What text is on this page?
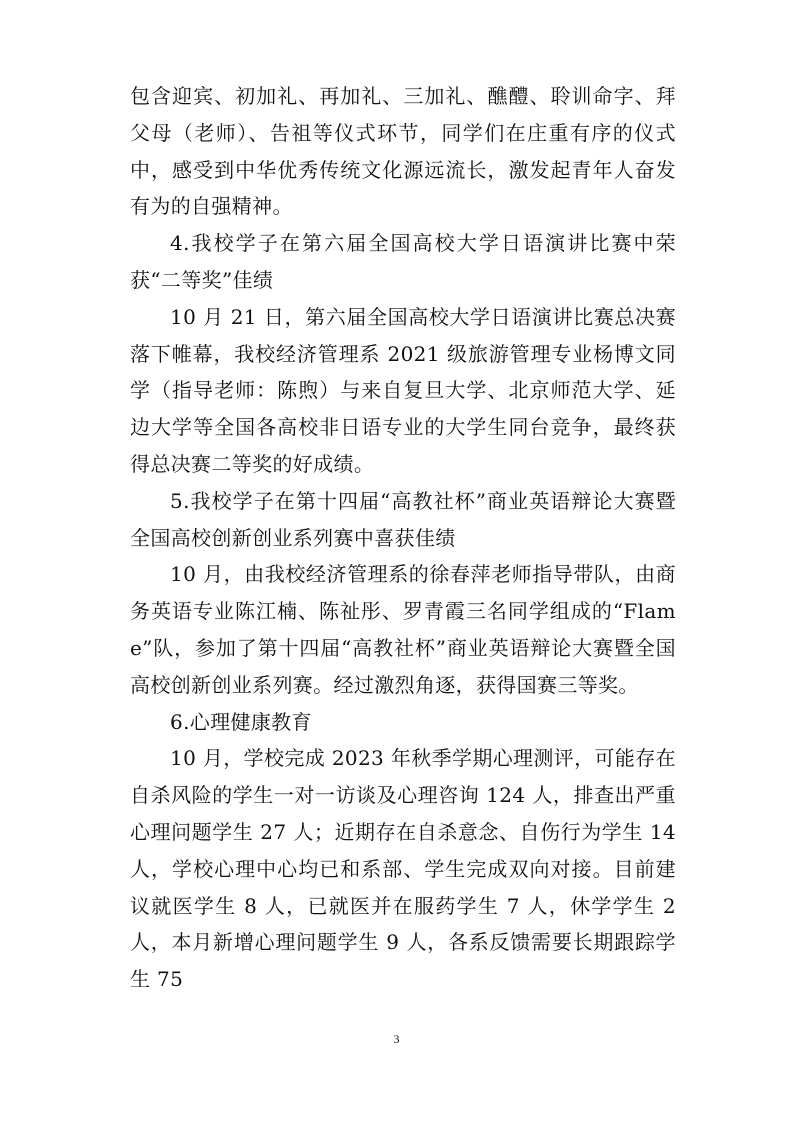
包含迎宾、初加礼、再加礼、三加礼、醮醴、聆训命字、拜父母（老师）、告祖等仪式环节，同学们在庄重有序的仪式中，感受到中华优秀传统文化源远流长，激发起青年人奋发有为的自强精神。

4.我校学子在第六届全国高校大学日语演讲比赛中荣获“二等奖”佳绩

10 月 21 日，第六届全国高校大学日语演讲比赛总决赛落下帷幕，我校经济管理系 2021 级旅游管理专业杨博文同学（指导老师：陈煦）与来自复旦大学、北京师范大学、延边大学等全国各高校非日语专业的大学生同台竞争，最终获得总决赛二等奖的好成绩。

5.我校学子在第十四届“高教社杯”商业英语辩论大赛暨全国高校创新创业系列赛中喜获佳绩

10 月，由我校经济管理系的徐春萍老师指导带队，由商务英语专业陈江楠、陈祉彤、罗青霞三名同学组成的“Flame”队，参加了第十四届“高教社杯”商业英语辩论大赛暨全国高校创新创业系列赛。经过激烈角逐，获得国赛三等奖。

6.心理健康教育

10 月，学校完成 2023 年秋季学期心理测评，可能存在自杀风险的学生一对一访谈及心理咨询 124 人，排查出严重心理问题学生 27 人；近期存在自杀意念、自伤行为学生 14 人，学校心理中心均已和系部、学生完成双向对接。目前建议就医学生 8 人，已就医并在服药学生 7 人，休学学生 2 人，本月新增心理问题学生 9 人，各系反馈需要长期跟踪学生 75

3
